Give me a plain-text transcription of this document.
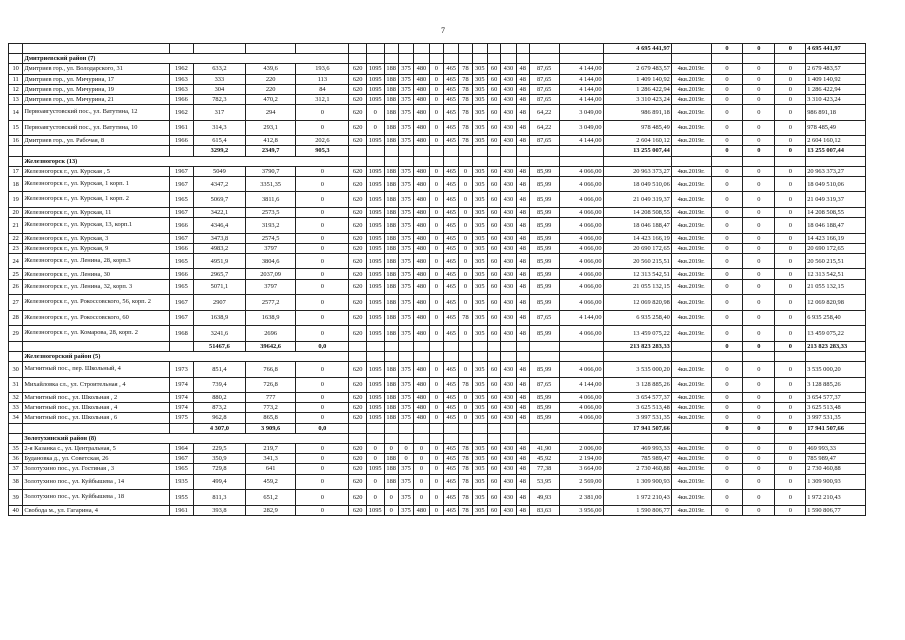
7
																				4 695 441,97		0	0	0	4 695 441,97
	Дмитриевский район (7)																								
10	Дмитриев гор., ул. Володарского, 31	1962	633,2	439,6	193,6	620	1095	188	375	480	0	465	78	305	60	430	48	87,65	4 144,00	2 679 483,57	4кв.2019г.	0	0	0	2 679 483,57
11	Дмитриев гор., ул. Мичурина, 17	1963	333	220	113	620	1095	188	375	480	0	465	78	305	60	430	48	87,65	4 144,00	1 409 140,92	4кв.2019г.	0	0	0	1 409 140,92
12	Дмитриев гор., ул. Мичурина, 19	1963	304	220	84	620	1095	188	375	480	0	465	78	305	60	430	48	87,65	4 144,00	1 286 422,94	4кв.2019г.	0	0	0	1 286 422,94
13	Дмитриев гор., ул. Мичурина, 21	1966	782,3	470,2	312,1	620	1095	188	375	480	0	465	78	305	60	430	48	87,65	4 144,00	3 310 423,24	4кв.2019г.	0	0	0	3 310 423,24
14	Первоавгустовский пос., ул. Ватутина, 12	1962	317	294	0	620	0	188	375	480	0	465	78	305	60	430	48	64,22	3 049,00	986 891,18	4кв.2019г.	0	0	0	986 891,18
15	Первоавгустовский пос., ул. Ватутина, 10	1961	314,3	293,1	0	620	0	188	375	480	0	465	78	305	60	430	48	64,22	3 049,00	978 485,49	4кв.2019г.	0	0	0	978 485,49
16	Дмитриев гор., ул. Рабочая, 8	1966	615,4	412,8	202,6	620	1095	188	375	480	0	465	78	305	60	430	48	87,65	4 144,00	2 604 160,12	4кв.2019г.	0	0	0	2 604 160,12
			3299,2	2349,7	905,3															13 255 007,44		0	0	0	13 255 007,44
	Железногорск (13)																								
17	Железногорск г., ул. Курская , 5	1967	5049	3790,7	0	620	1095	188	375	480	0	465	0	305	60	430	48	85,99	4 066,00	20 963 373,27	4кв.2019г.	0	0	0	20 963 373,27
18	Железногорск г., ул. Курская, 1 корп. 1	1967	4347,2	3351,35	0	620	1095	188	375	480	0	465	0	305	60	430	48	85,99	4 066,00	18 049 510,06	4кв.2019г.	0	0	0	18 049 510,06
19	Железногорск г., ул. Курская, 1 корп. 2	1965	5069,7	3811,6	0	620	1095	188	375	480	0	465	0	305	60	430	48	85,99	4 066,00	21 049 319,37	4кв.2019г.	0	0	0	21 049 319,37
20	Железногорск г., ул. Курская, 11	1967	3422,1	2573,5	0	620	1095	188	375	480	0	465	0	305	60	430	48	85,99	4 066,00	14 208 508,55	4кв.2019г.	0	0	0	14 208 508,55
21	Железногорск г., ул. Курская, 13, корп.1	1966	4346,4	3193,2	0	620	1095	188	375	480	0	465	0	305	60	430	48	85,99	4 066,00	18 046 188,47	4кв.2019г.	0	0	0	18 046 188,47
22	Железногорск г., ул. Курская, 3	1967	3473,8	2574,5	0	620	1095	188	375	480	0	465	0	305	60	430	48	85,99	4 066,00	14 423 166,19	4кв.2019г.	0	0	0	14 423 166,19
23	Железногорск г., ул. Курская, 9	1966	4983,2	3797	0	620	1095	188	375	480	0	465	0	305	60	430	48	85,99	4 066,00	20 690 172,65	4кв.2019г.	0	0	0	20 690 172,65
24	Железногорск г., ул. Ленина, 28, корп.3	1965	4951,9	3804,6	0	620	1095	188	375	480	0	465	0	305	60	430	48	85,99	4 066,00	20 560 215,51	4кв.2019г.	0	0	0	20 560 215,51
25	Железногорск г., ул. Ленина, 30	1966	2965,7	2037,09	0	620	1095	188	375	480	0	465	0	305	60	430	48	85,99	4 066,00	12 313 542,51	4кв.2019г.	0	0	0	12 313 542,51
26	Железногорск г., ул. Ленина, 32, корп. 3	1965	5071,1	3797	0	620	1095	188	375	480	0	465	0	305	60	430	48	85,99	4 066,00	21 055 132,15	4кв.2019г.	0	0	0	21 055 132,15
27	Железногорск г., ул. Рокоссовского, 56, корп. 2	1967	2907	2577,2	0	620	1095	188	375	480	0	465	0	305	60	430	48	85,99	4 066,00	12 069 820,98	4кв.2019г.	0	0	0	12 069 820,98
28	Железногорск г., ул. Рокоссовского, 60	1967	1638,9	1638,9	0	620	1095	188	375	480	0	465	78	305	60	430	48	87,65	4 144,00	6 935 258,40	4кв.2019г.	0	0	0	6 935 258,40
29	Железногорск г., ул. Комарова, 28, корп. 2	1968	3241,6	2696	0	620	1095	188	375	480	0	465	0	305	60	430	48	85,99	4 066,00	13 459 075,22	4кв.2019г.	0	0	0	13 459 075,22
			51467,6	39642,6	0,0															213 823 283,33		0	0	0	213 823 283,33
	Железногорский район (5)																								
30	Магнитный пос., пер. Школьный, 4	1973	851,4	766,8	0	620	1095	188	375	480	0	465	0	305	60	430	48	85,99	4 066,00	3 535 000,20	4кв.2019г.	0	0	0	3 535 000,20
31	Михайловка сл., ул. Строительная , 4	1974	739,4	726,8	0	620	1095	188	375	480	0	465	78	305	60	430	48	87,65	4 144,00	3 128 885,26	4кв.2019г.	0	0	0	3 128 885,26
32	Магнитный пос., ул. Школьная , 2	1974	880,2	777	0	620	1095	188	375	480	0	465	0	305	60	430	48	85,99	4 066,00	3 654 577,37	4кв.2019г.	0	0	0	3 654 577,37
33	Магнитный пос., ул. Школьная , 4	1974	873,2	773,2	0	620	1095	188	375	480	0	465	0	305	60	430	48	85,99	4 066,00	3 625 513,48	4кв.2019г.	0	0	0	3 625 513,48
34	Магнитный пос., ул. Школьная , 6	1975	962,8	865,8	0	620	1095	188	375	480	0	465	0	305	60	430	48	85,99	4 066,00	3 997 531,35	4кв.2019г.	0	0	0	3 997 531,35
			4 307,0	3 909,6	0,0															17 941 507,66		0	0	0	17 941 507,66
	Золотухинский район (8)																								
35	2-я Казанка с., ул. Центральная, 5	1964	229,5	219,7	0	620	0	0	0	0	0	465	78	305	60	430	48	41,90	2 006,00	469 993,33	4кв.2019г.	0	0	0	469 993,33
36	Будановка д., ул. Советская, 26	1967	350,9	341,3	0	620	0	188	0	0	0	465	78	305	60	430	48	45,92	2 194,00	785 989,47	4кв.2019г.	0	0	0	785 989,47
37	Золотухино пос., ул. Гостиная , 3	1965	729,8	641	0	620	1095	188	375	0	0	465	78	305	60	430	48	77,38	3 664,00	2 730 460,88	4кв.2019г.	0	0	0	2 730 460,88
38	Золотухино пос., ул. Куйбышева , 14	1935	499,4	459,2	0	620	0	188	375	0	0	465	78	305	60	430	48	53,95	2 569,00	1 309 900,93	4кв.2019г.	0	0	0	1 309 900,93
39	Золотухино пос., ул. Куйбышева , 18	1955	811,3	651,2	0	620	0	0	375	0	0	465	78	305	60	430	48	49,93	2 381,00	1 972 210,43	4кв.2019г.	0	0	0	1 972 210,43
40	Свобода м., ул. Гагарина, 4	1961	393,8	282,9	0	620	1095	0	375	480	0	465	78	305	60	430	48	83,63	3 956,00	1 590 806,77	4кв.2019г.	0	0	0	1 590 806,77
